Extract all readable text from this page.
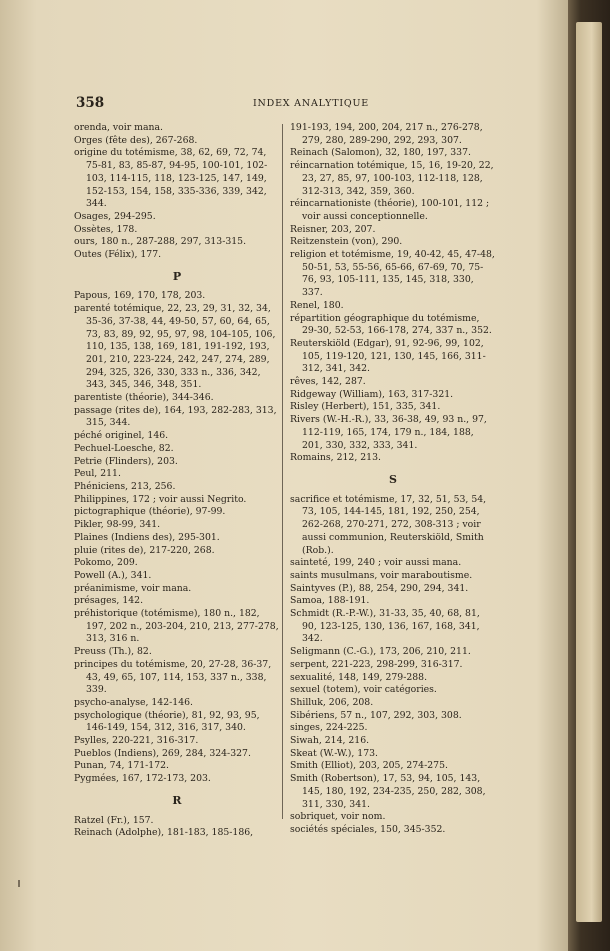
358	INDEX ANALYTIQUE

orenda, voir mana.

Orges (fête des), 267-268.

origine du totémisme, 38, 62, 69, 72, 74, 75-81, 83, 85-87, 94-95, 100-101, 102-103, 114-115, 118, 123-125, 147, 149, 152-153, 154, 158, 335-336, 339, 342, 344.

Osages, 294-295.

Ossètes, 178.

ours, 180 n., 287-288, 297, 313-315.

Outes (Félix), 177.

P

Papous, 169, 170, 178, 203.

parenté totémique, 22, 23, 29, 31, 32, 34, 35-36, 37-38, 44, 49-50, 57, 60, 64, 65, 73, 83, 89, 92, 95, 97, 98, 104-105, 106, 110, 135, 138, 169, 181, 191-192, 193, 201, 210, 223-224, 242, 247, 274, 289, 294, 325, 326, 330, 333 n., 336, 342, 343, 345, 346, 348, 351.

parentiste (théorie), 344-346.

passage (rites de), 164, 193, 282-283, 313, 315, 344.

péché originel, 146.

Pechuel-Loesche, 82.

Petrie (Flinders), 203.

Peul, 211.

Phéniciens, 213, 256.

Philippines, 172 ; voir aussi Negrito.

pictographique (théorie), 97-99.

Pikler, 98-99, 341.

Plaines (Indiens des), 295-301.

pluie (rites de), 217-220, 268.

Pokomo, 209.

Powell (A.), 341.

préanimisme, voir mana.

présages, 142.

préhistorique (totémisme), 180 n., 182, 197, 202 n., 203-204, 210, 213, 277-278, 313, 316 n.

Preuss (Th.), 82.

principes du totémisme, 20, 27-28, 36-37, 43, 49, 65, 107, 114, 153, 337 n., 338, 339.

psycho-analyse, 142-146.

psychologique (théorie), 81, 92, 93, 95, 146-149, 154, 312, 316, 317, 340.

Psylles, 220-221, 316-317.

Pueblos (Indiens), 269, 284, 324-327.

Punan, 74, 171-172.

Pygmées, 167, 172-173, 203.

R

Ratzel (Fr.), 157.

Reinach (Adolphe), 181-183, 185-186,

191-193, 194, 200, 204, 217 n., 276-278, 279, 280, 289-290, 292, 293, 307.

Reinach (Salomon), 32, 180, 197, 337.

réincarnation totémique, 15, 16, 19-20, 22, 23, 27, 85, 97, 100-103, 112-118, 128, 312-313, 342, 359, 360.

réincarnationiste (théorie), 100-101, 112 ; voir aussi conceptionnelle.

Reisner, 203, 207.

Reitzenstein (von), 290.

religion et totémisme, 19, 40-42, 45, 47-48, 50-51, 53, 55-56, 65-66, 67-69, 70, 75-76, 93, 105-111, 135, 145, 318, 330, 337.

Renel, 180.

répartition géographique du totémisme, 29-30, 52-53, 166-178, 274, 337 n., 352.

Reuterskiöld (Edgar), 91, 92-96, 99, 102, 105, 119-120, 121, 130, 145, 166, 311-312, 341, 342.

rêves, 142, 287.

Ridgeway (William), 163, 317-321.

Risley (Herbert), 151, 335, 341.

Rivers (W.-H.-R.), 33, 36-38, 49, 93 n., 97, 112-119, 165, 174, 179 n., 184, 188, 201, 330, 332, 333, 341.

Romains, 212, 213.

S

sacrifice et totémisme, 17, 32, 51, 53, 54, 73, 105, 144-145, 181, 192, 250, 254, 262-268, 270-271, 272, 308-313 ; voir aussi communion, Reuterskiöld, Smith (Rob.).

sainteté, 199, 240 ; voir aussi mana.

saints musulmans, voir maraboutisme.

Saintyves (P.), 88, 254, 290, 294, 341.

Samoa, 188-191.

Schmidt (R.-P.-W.), 31-33, 35, 40, 68, 81, 90, 123-125, 130, 136, 167, 168, 341, 342.

Seligmann (C.-G.), 173, 206, 210, 211.

serpent, 221-223, 298-299, 316-317.

sexualité, 148, 149, 279-288.

sexuel (totem), voir catégories.

Shilluk, 206, 208.

Sibériens, 57 n., 107, 292, 303, 308.

singes, 224-225.

Siwah, 214, 216.

Skeat (W.-W.), 173.

Smith (Elliot), 203, 205, 274-275.

Smith (Robertson), 17, 53, 94, 105, 143, 145, 180, 192, 234-235, 250, 282, 308, 311, 330, 341.

sobriquet, voir nom.

sociétés spéciales, 150, 345-352.
